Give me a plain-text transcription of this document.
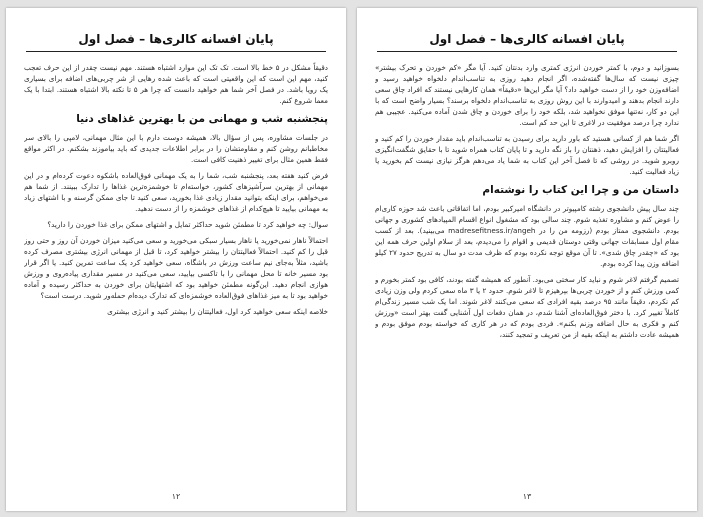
پایان افسانه کالری‌ها – فصل اول

دقیقاً مشکل در ۵ خط بالا است. تک تک این موارد اشتباه هستند. مهم نیست چقدر از این حرف تعجب کنید، مهم این است که این واقعیتی است که باعث شده رهایی از شر چربی‌های اضافه برای بسیاری یک رویا باشد. در فصل آخر شما هم خواهید دانست که چرا هر ۵ تا نکته بالا اشتباه هستند. ابتدا با یک معما شروع کنم.

پنجشنبه شب و مهمانی من با بهترین غذاهای دنیا

در جلسات مشاوره، پس از سؤال بالا، همیشه دوست دارم با این مثال مهمانی، لامپی را بالای سر مخاطبانم روشن کنم و مقاومتشان را در برابر اطلاعات جدیدی که باید بیاموزند بشکنم. در اکثر مواقع فقط همین مثال برای تغییر ذهنیت کافی است.

فرض کنید هفته بعد، پنجشنبه شب، شما را به یک مهمانی فوق‌العاده باشکوه دعوت کرده‌ام و در این مهمانی از بهترین سرآشپزهای کشور، خواسته‌ام تا خوشمزه‌ترین غذاها را تدارک ببینند. از شما هم می‌خواهم، برای اینکه بتوانید مقدار زیادی غذا بخورید، سعی کنید تا جای ممکن گرسنه و با اشتهای زیاد به مهمانی بیایید تا هیچ‌کدام از غذاهای خوشمزه را از دست ندهید.

سوال: چه خواهید کرد تا مطمئن شوید حداکثر تمایل و اشتهای ممکن برای غذا خوردن را دارید؟

احتمالاً ناهار نمی‌خورید یا ناهار بسیار سبکی می‌خورید و سعی می‌کنید میزان خوردن آن روز و حتی روز قبل را کم کنید. احتمالاً فعالیتتان را بیشتر خواهید کرد، تا قبل از مهمانی انرژی بیشتری مصرف کرده باشید، مثلاً به‌جای نیم ساعت ورزش در باشگاه، سعی خواهید کرد یک ساعت تمرین کنید. یا اگر قرار بود مسیر خانه تا محل مهمانی را با تاکسی بیایید، سعی می‌کنید در مسیر مقداری پیاده‌روی و ورزش هوازی انجام دهید. این‌گونه مطمئن خواهید بود که اشتهایتان برای خوردن به حداکثر رسیده و آماده خواهید بود تا به میز غذاهای فوق‌العاده خوشمزه‌ای که تدارک دیده‌ام حمله‌ور شوید. درست است؟

خلاصه اینکه سعی خواهید کرد اول، فعالیتتان را بیشتر کنید و انرژی بیشتری

۱۲
پایان افسانه کالری‌ها – فصل اول

بسوزانید و دوم، با کمتر خوردن انرژی کمتری وارد بدنتان کنید. آیا مگر «کم خوردن و تحرک بیشتر» چیزی نیست که سال‌ها گفته‌شده، اگر انجام دهید روزی به تناسب‌اندام دلخواه خواهید رسید و اضافه‌وزن خود را از دست خواهید داد؟ آیا مگر این‌ها «دقیقاً» همان کارهایی نیستند که افراد چاق سعی دارند انجام بدهند و امیدوارند با این روش روزی به تناسب‌اندام دلخواه برسند؟ بسیار واضح است که با این دو کار، نه‌تنها موفق نخواهید شد، بلکه خود را برای خوردن و چاق شدن آماده می‌کنید. عجیبی هم ندارد چرا درصد موفقیت در لاغری تا این حد کم است.

اگر شما هم از کسانی هستید که باور دارید برای رسیدن به تناسب‌اندام باید مقدار خوردن را کم کنید و فعالیتتان را افزایش دهید، ذهنتان را باز نگه دارید و تا پایان کتاب همراه شوید تا با حقایق شگفت‌انگیزی روبرو شوید. در روشی که تا فصل آخر این کتاب به شما یاد می‌دهم هرگز نیازی نیست کم بخورید یا زیاد فعالیت کنید.

داستان من و چرا این کتاب را نوشته‌ام

چند سال پیش دانشجوی رشته کامپیوتر در دانشگاه امیرکبیر بودم، اما اتفاقاتی باعث شد حوزه کاری‌ام را عوض کنم و مشاوره تغذیه شوم. چند سالی بود که مشغول انواع اقسام المپیادهای کشوری و جهانی بودم. دانشجوی ممتاز بودم (رزومه من را در madresefitness.ir/angeh می‌بینید). بعد از کسب مقام اول مسابقات جهانی وقتی دوستان قدیمی و اقوام را می‌دیدم، بعد از سلام اولین حرف همه این بود که «چقدر چاق شدی». تا آن موقع توجه نکرده بودم که ظرف مدت دو سال به تدریج حدود ۲۷ کیلو اضافه وزن پیدا کرده بودم.

تصمیم گرفتم لاغر شوم و نباید کار سختی می‌بود. آنطور که همیشه گفته بودند، کافی بود کمتر بخورم و کمی ورزش کنم و از خوردن چربی‌ها بپرهیزم تا لاغر شوم. حدود ۲ یا ۳ ماه سعی کردم ولی وزن زیادی کم نکردم، دقیقاً مانند ۹۵ درصد بقیه افرادی که سعی می‌کنند لاغر شوند. اما یک شب مسیر زندگی‌ام کاملاً تغییر کرد. با دختر فوق‌العاده‌ای آشنا شدم، در همان دفعات اول آشنایی گفت بهتر است «ورزش کنم و فکری به حال اضافه وزنم بکنم». فردی بودم که در هر کاری که خواسته بودم موفق بودم و همیشه عادت داشتم به اینکه بقیه از من تعریف و تمجید کنند،

۱۳
